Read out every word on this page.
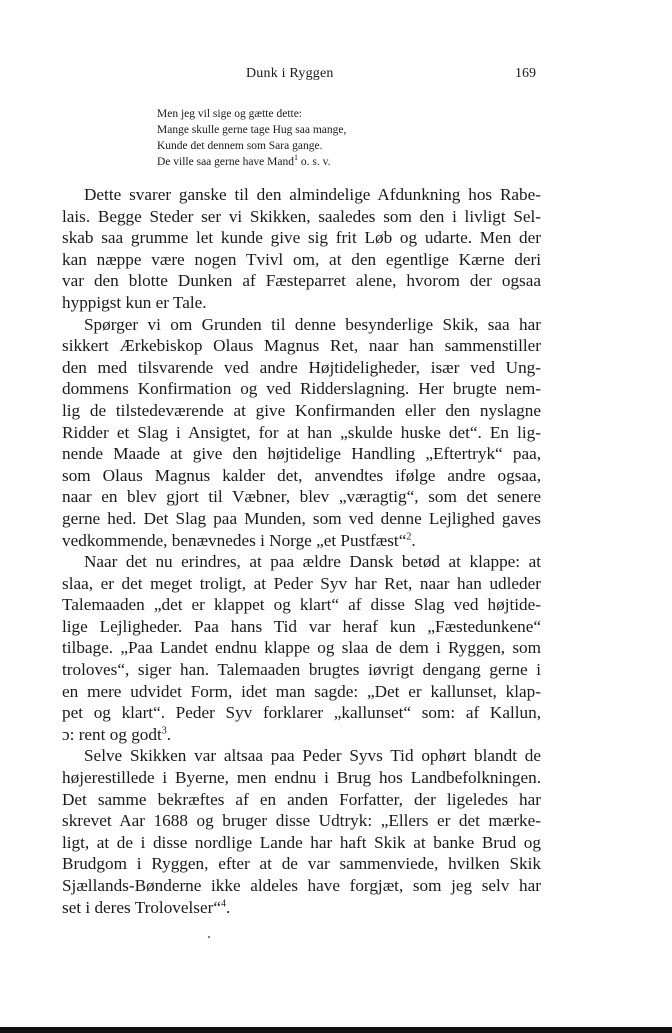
Dunk i Ryggen	169
Men jeg vil sige og gætte dette:
Mange skulle gerne tage Hug saa mange,
Kunde det dennem som Sara gange.
De ville saa gerne have Mand$^1$ o. s. v.
Dette svarer ganske til den almindelige Afdunkning hos Rabe-
lais. Begge Steder ser vi Skikken, saaledes som den i livligt Sel-
skab saa grumme let kunde give sig frit Løb og udarte. Men der
kan næppe være nogen Tvivl om, at den egentlige Kærne deri
var den blotte Dunken af Fæsteparret alene, hvorom der ogsaa
hyppigst kun er Tale.
Spørger vi om Grunden til denne besynderlige Skik, saa har
sikkert Ærkebiskop Olaus Magnus Ret, naar han sammenstiller
den med tilsvarende ved andre Højtideligheder, især ved Ung-
dommens Konfirmation og ved Ridderslagning. Her brugte nem-
lig de tilstedeværende at give Konfirmanden eller den nyslagne
Ridder et Slag i Ansigtet, for at han „skulde huske det“. En lig-
nende Maade at give den højtidelige Handling „Eftertryk“ paa,
som Olaus Magnus kalder det, anvendtes ifølge andre ogsaa,
naar en blev gjort til Væbner, blev „væragtig“, som det senere
gerne hed. Det Slag paa Munden, som ved denne Lejlighed gaves
vedkommende, benævnedes i Norge „et Pustfæst“$^2$.
Naar det nu erindres, at paa ældre Dansk betød at klappe: at
slaa, er det meget troligt, at Peder Syv har Ret, naar han udleder
Talemaaden „det er klappet og klart“ af disse Slag ved højtide-
lige Lejligheder. Paa hans Tid var heraf kun „Fæstedunkene“
tilbage. „Paa Landet endnu klappe og slaa de dem i Ryggen, som
troloves“, siger han. Talemaaden brugtes iøvrigt dengang gerne i
en mere udvidet Form, idet man sagde: „Det er kallunset, klap-
pet og klart“. Peder Syv forklarer „kallunset“ som: af Kallun,
ɔ: rent og godt$^3$.
Selve Skikken var altsaa paa Peder Syvs Tid ophørt blandt de
højerestillede i Byerne, men endnu i Brug hos Landbefolkningen.
Det samme bekræftes af en anden Forfatter, der ligeledes har
skrevet Aar 1688 og bruger disse Udtryk: „Ellers er det mærke-
ligt, at de i disse nordlige Lande har haft Skik at banke Brud og
Brudgom i Ryggen, efter at de var sammenviede, hvilken Skik
Sjællands-Bønderne ikke aldeles have forgjæt, som jeg selv har
set i deres Trolovelser“$^4$.
